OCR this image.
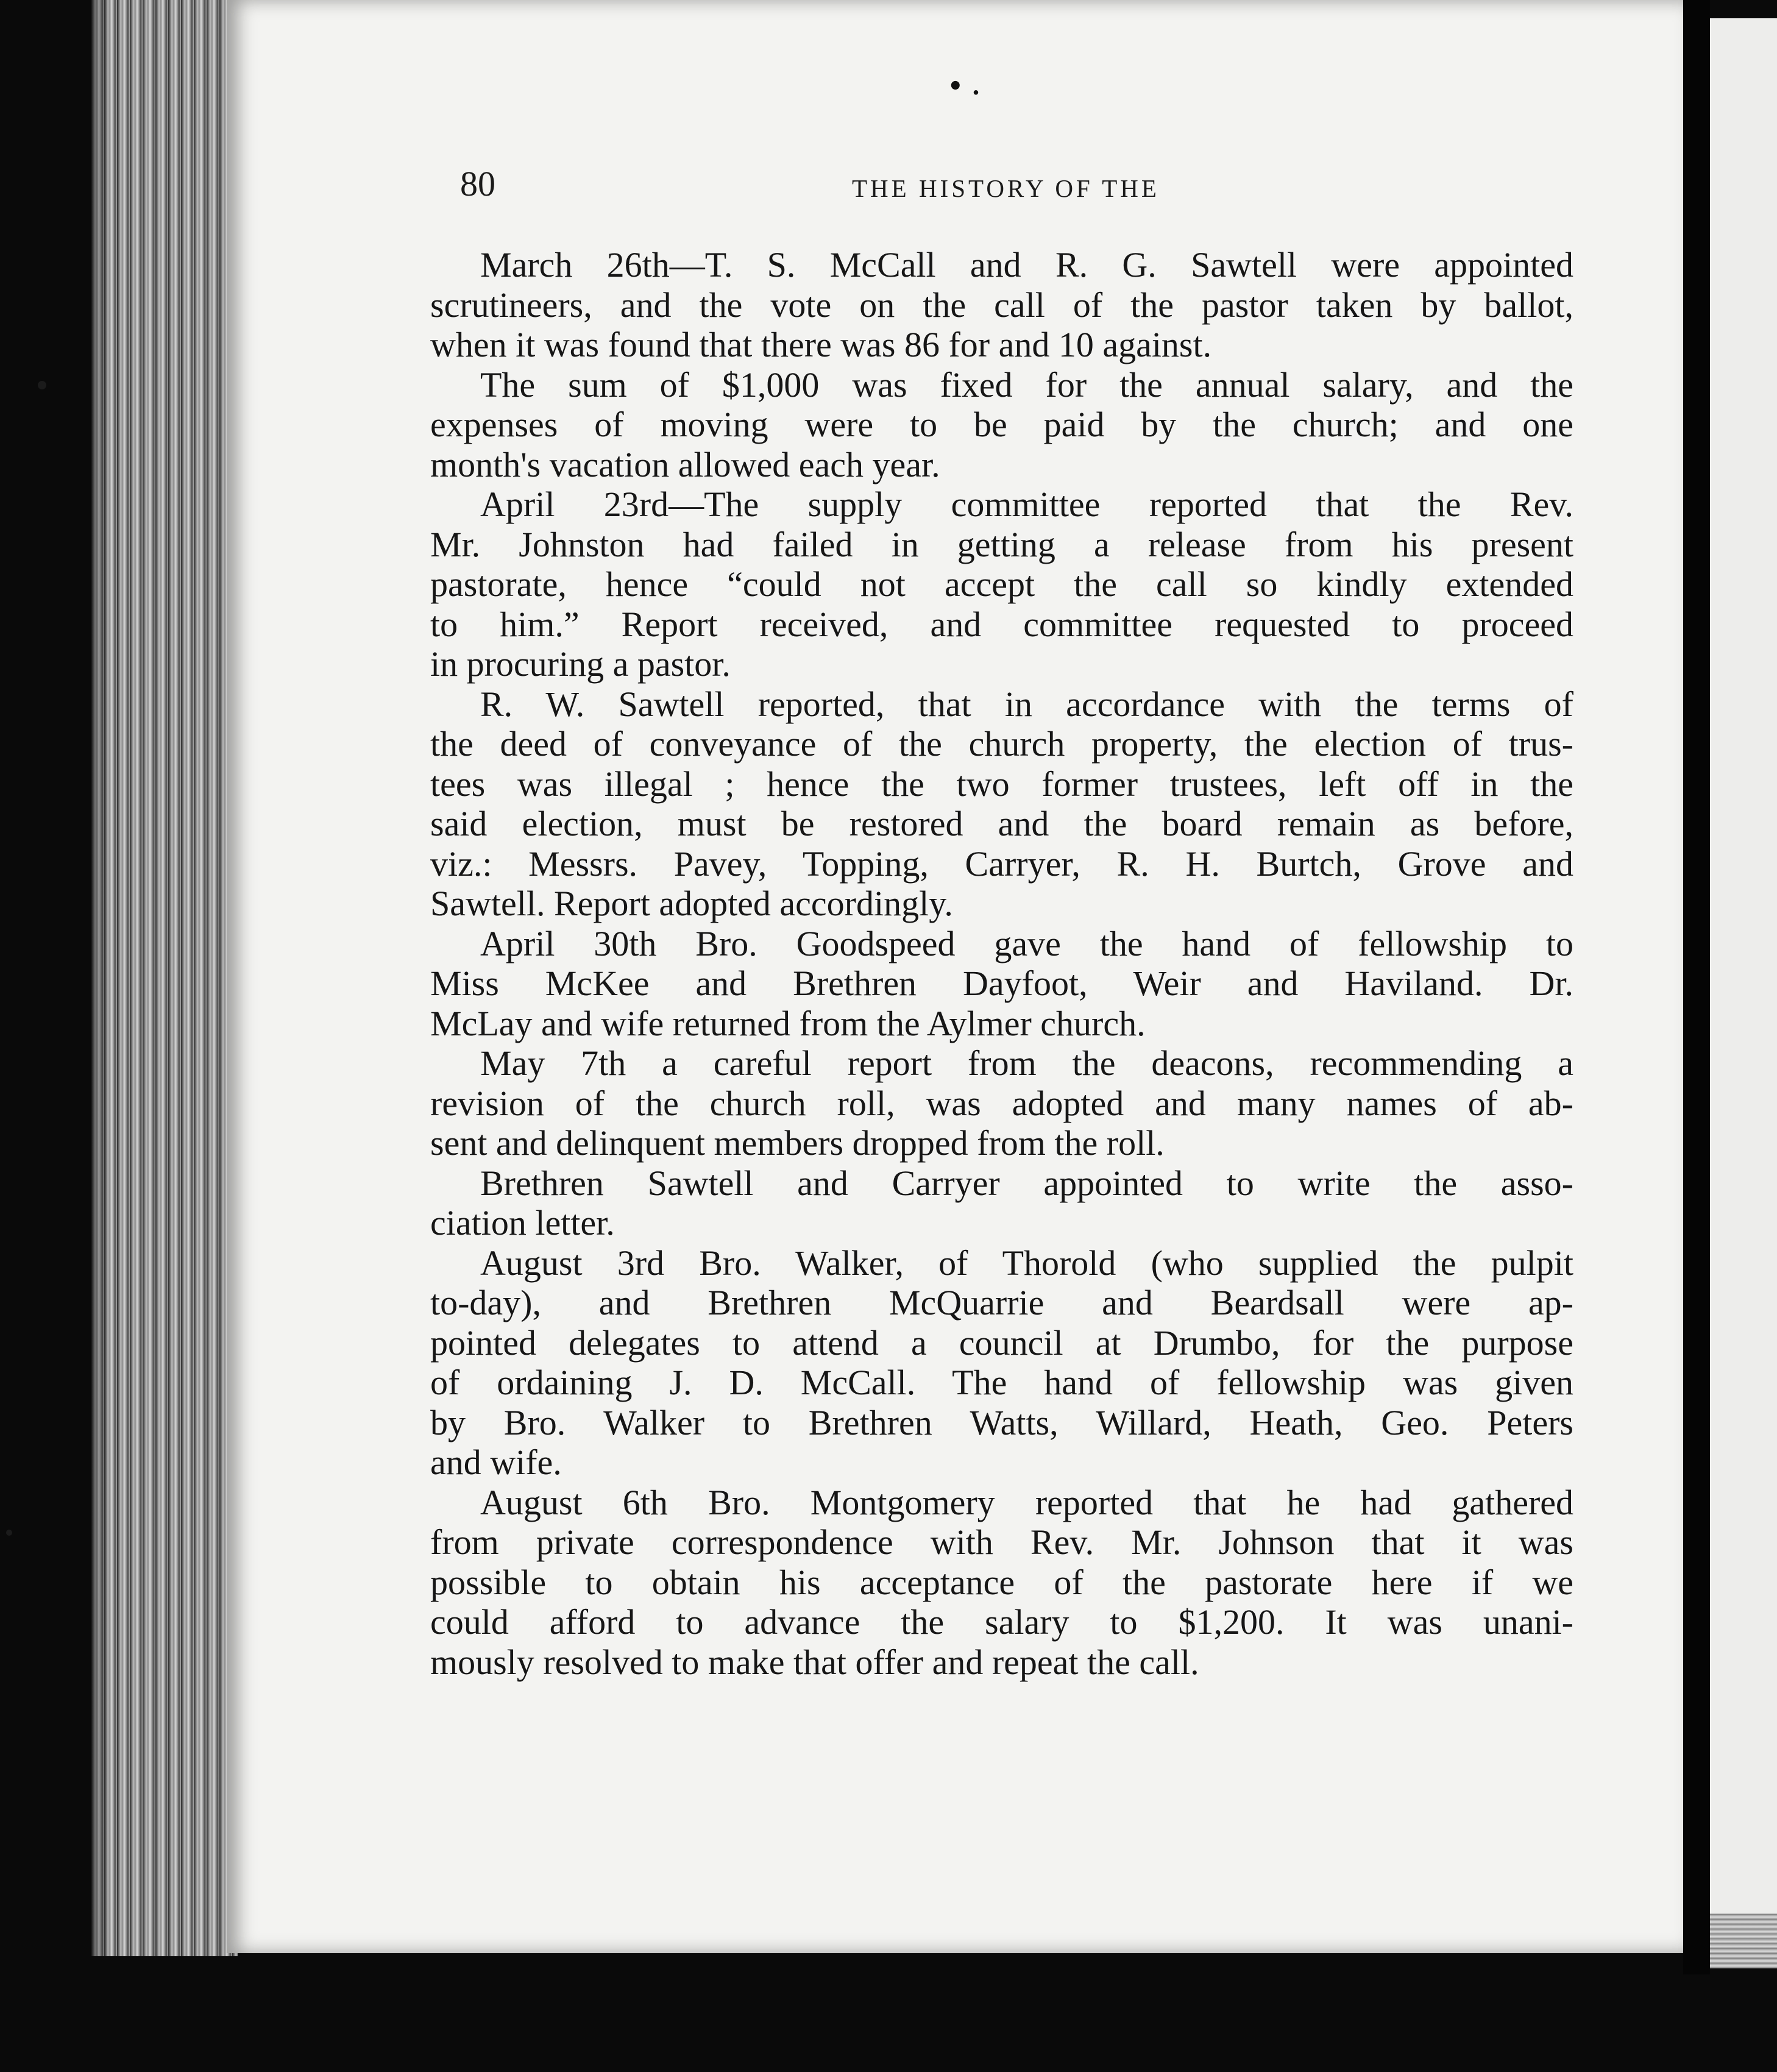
• .
80	THE HISTORY OF THE
March 26th—T. S. McCall and R. G. Sawtell were appointed
scrutineers, and the vote on the call of the pastor taken by ballot,
when it was found that there was 86 for and 10 against.
The sum of $1,000 was fixed for the annual salary, and the
expenses of moving were to be paid by the church; and one
month's vacation allowed each year.
April 23rd—The supply committee reported that the Rev.
Mr. Johnston had failed in getting a release from his present
pastorate, hence “could not accept the call so kindly extended
to him.” Report received, and committee requested to proceed
in procuring a pastor.
R. W. Sawtell reported, that in accordance with the terms of
the deed of conveyance of the church property, the election of trus-
tees was illegal ; hence the two former trustees, left off in the
said election, must be restored and the board remain as before,
viz.: Messrs. Pavey, Topping, Carryer, R. H. Burtch, Grove and
Sawtell. Report adopted accordingly.
April 30th Bro. Goodspeed gave the hand of fellowship to
Miss McKee and Brethren Dayfoot, Weir and Haviland. Dr.
McLay and wife returned from the Aylmer church.
May 7th a careful report from the deacons, recommending a
revision of the church roll, was adopted and many names of ab-
sent and delinquent members dropped from the roll.
Brethren Sawtell and Carryer appointed to write the asso-
ciation letter.
August 3rd Bro. Walker, of Thorold (who supplied the pulpit
to-day), and Brethren McQuarrie and Beardsall were ap-
pointed delegates to attend a council at Drumbo, for the purpose
of ordaining J. D. McCall. The hand of fellowship was given
by Bro. Walker to Brethren Watts, Willard, Heath, Geo. Peters
and wife.
August 6th Bro. Montgomery reported that he had gathered
from private correspondence with Rev. Mr. Johnson that it was
possible to obtain his acceptance of the pastorate here if we
could afford to advance the salary to $1,200. It was unani-
mously resolved to make that offer and repeat the call.
